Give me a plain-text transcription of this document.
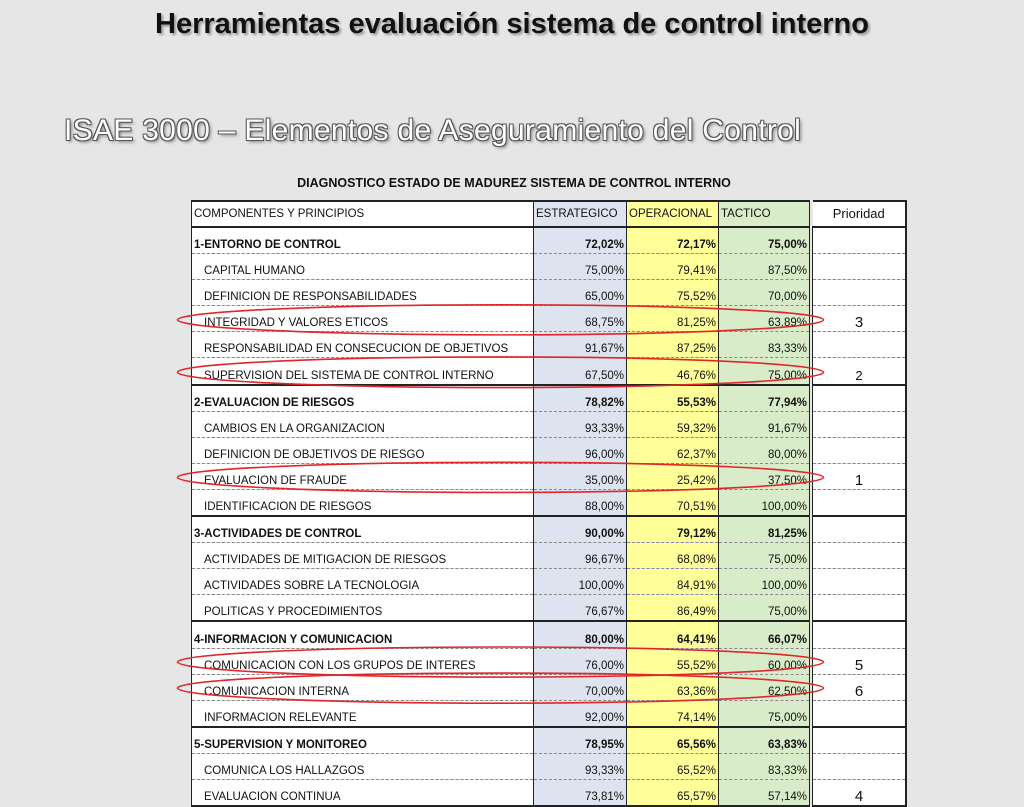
Herramientas evaluación sistema de control interno
ISAE 3000 – Elementos de Aseguramiento del Control
DIAGNOSTICO ESTADO DE MADUREZ SISTEMA DE CONTROL INTERNO
COMPONENTES Y PRINCIPIOS	ESTRATEGICO	OPERACIONAL	TACTICO		Prioridad
1-ENTORNO DE CONTROL	72,02%	72,17%	75,00%		
CAPITAL HUMANO	75,00%	79,41%	87,50%		
DEFINICION DE RESPONSABILIDADES	65,00%	75,52%	70,00%		
INTEGRIDAD Y VALORES ETICOS	68,75%	81,25%	63,89%		3
RESPONSABILIDAD EN CONSECUCION DE OBJETIVOS	91,67%	87,25%	83,33%		
SUPERVISION DEL SISTEMA DE CONTROL INTERNO	67,50%	46,76%	75,00%		2
2-EVALUACION DE RIESGOS	78,82%	55,53%	77,94%		
CAMBIOS EN LA ORGANIZACION	93,33%	59,32%	91,67%		
DEFINICION DE OBJETIVOS DE RIESGO	96,00%	62,37%	80,00%		
EVALUACION DE FRAUDE	35,00%	25,42%	37,50%		1
IDENTIFICACION DE RIESGOS	88,00%	70,51%	100,00%		
3-ACTIVIDADES DE CONTROL	90,00%	79,12%	81,25%		
ACTIVIDADES DE MITIGACION DE RIESGOS	96,67%	68,08%	75,00%		
ACTIVIDADES SOBRE LA TECNOLOGIA	100,00%	84,91%	100,00%		
POLITICAS Y PROCEDIMIENTOS	76,67%	86,49%	75,00%		
4-INFORMACION Y COMUNICACION	80,00%	64,41%	66,07%		
COMUNICACION CON LOS GRUPOS DE INTERES	76,00%	55,52%	60,00%		5
COMUNICACION INTERNA	70,00%	63,36%	62,50%		6
INFORMACION RELEVANTE	92,00%	74,14%	75,00%		
5-SUPERVISION Y MONITOREO	78,95%	65,56%	63,83%		
COMUNICA LOS HALLAZGOS	93,33%	65,52%	83,33%		
EVALUACION CONTINUA	73,81%	65,57%	57,14%		4
